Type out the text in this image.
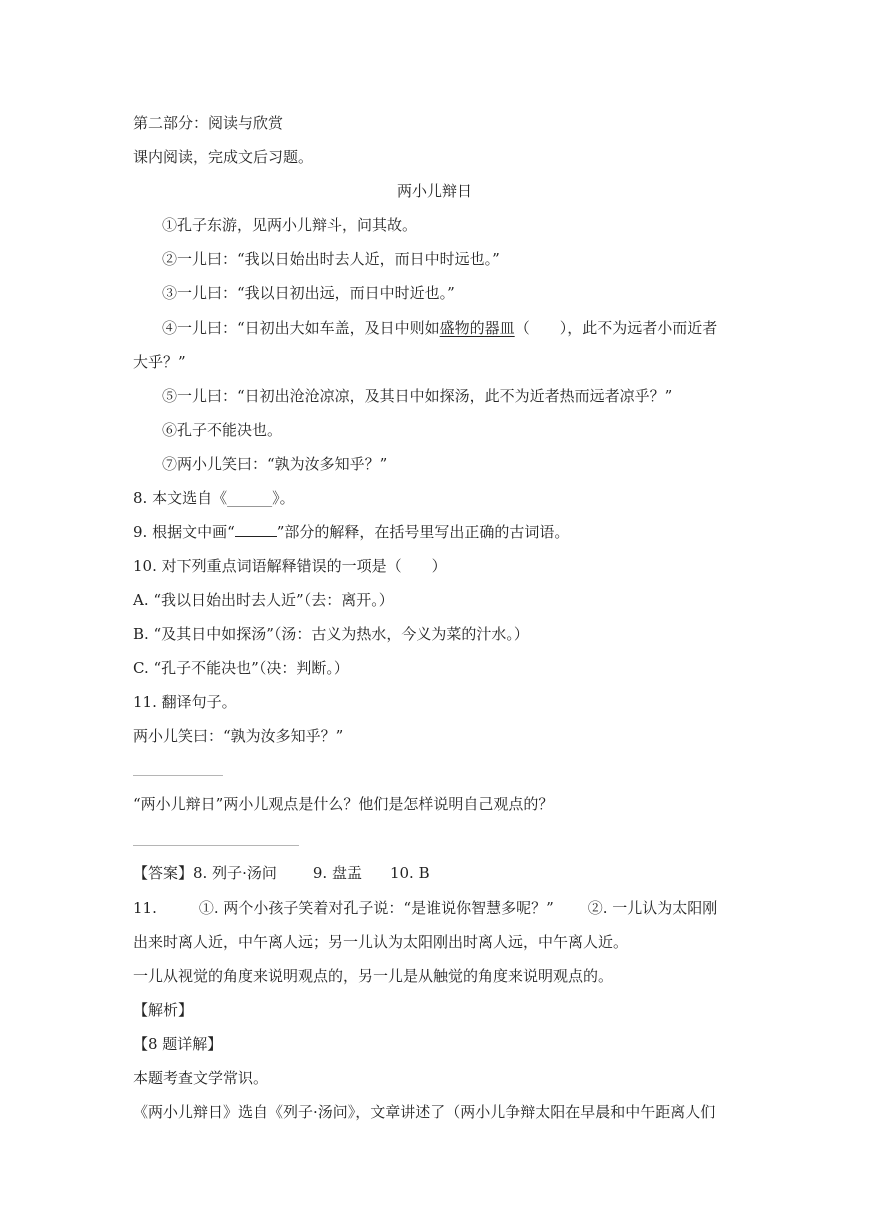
第二部分：阅读与欣赏
课内阅读，完成文后习题。
两小儿辩日
①孔子东游，见两小儿辩斗，问其故。
②一儿曰：“我以日始出时去人近，而日中时远也。”
③一儿曰：“我以日初出远，而日中时近也。”
④一儿曰：“日初出大如车盖，及日中则如盛物的器皿（　　），此不为远者小而近者
大乎？”
⑤一儿曰：“日初出沧沧凉凉，及其日中如探汤，此不为近者热而远者凉乎？”
⑥孔子不能决也。
⑦两小儿笑曰：“孰为汝多知乎？”
8. 本文选自《______》。
9. 根据文中画“	”部分的解释，在括号里写出正确的古词语。
10. 对下列重点词语解释错误的一项是（　　）
A. “我以日始出时去人近”（去：离开。）
B. “及其日中如探汤”（汤：古义为热水，今义为菜的汁水。）
C. “孔子不能决也”（决：判断。）
11. 翻译句子。
两小儿笑曰：“孰为汝多知乎？”
“两小儿辩日”两小儿观点是什么？他们是怎样说明自己观点的？
【答案】8. 列子·汤问 9. 盘盂 10. B
11.	①. 两个小孩子笑着对孔子说：“是谁说你智慧多呢？” ②. 一儿认为太阳刚
出来时离人近，中午离人远；另一儿认为太阳刚出时离人远，中午离人近。
一儿从视觉的角度来说明观点的，另一儿是从触觉的角度来说明观点的。
【解析】
【8 题详解】
本题考查文学常识。
《两小儿辩日》选自《列子·汤问》，文章讲述了（两小儿争辩太阳在早晨和中午距离人们
